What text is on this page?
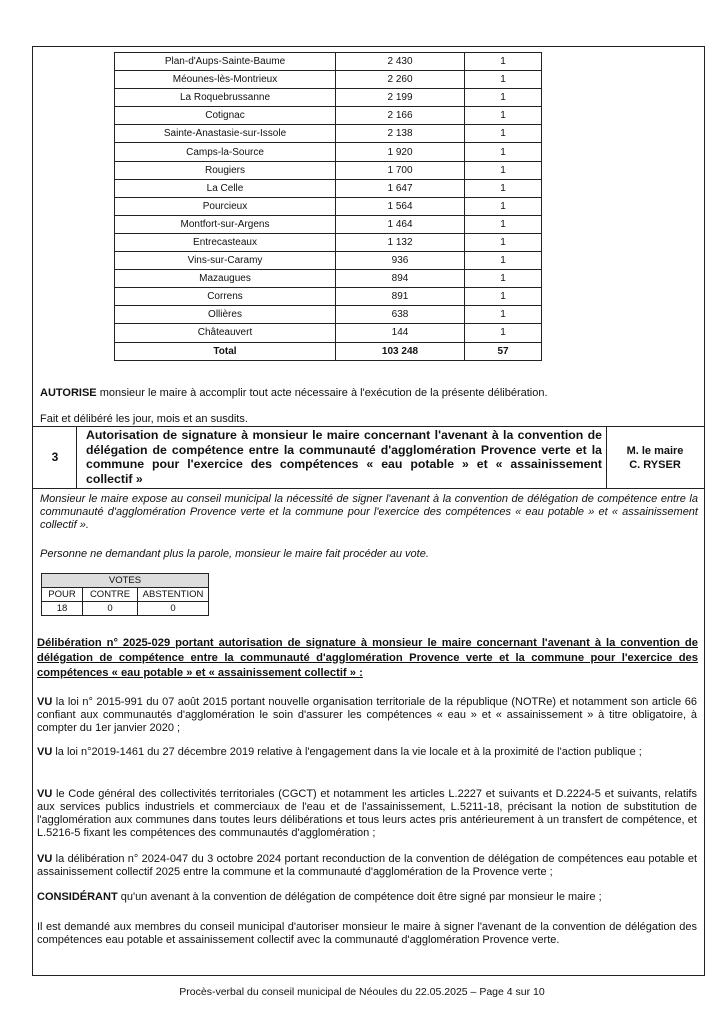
Plan-d'Aups-Sainte-Baume	2 430	1
Méounes-lès-Montrieux	2 260	1
La Roquebrussanne	2 199	1
Cotignac	2 166	1
Sainte-Anastasie-sur-Issole	2 138	1
Camps-la-Source	1 920	1
Rougiers	1 700	1
La Celle	1 647	1
Pourcieux	1 564	1
Montfort-sur-Argens	1 464	1
Entrecasteaux	1 132	1
Vins-sur-Caramy	936	1
Mazaugues	894	1
Correns	891	1
Ollières	638	1
Châteauvert	144	1
Total	103 248	57
AUTORISE monsieur le maire à accomplir tout acte nécessaire à l'exécution de la présente délibération.
Fait et délibéré les jour, mois et an susdits.
3
Autorisation de signature à monsieur le maire concernant l'avenant à la convention de délégation de compétence entre la communauté d'agglomération Provence verte et la commune pour l'exercice des compétences « eau potable » et « assainissement collectif »
M. le maire
C. RYSER
Monsieur le maire expose au conseil municipal la nécessité de signer l'avenant à la convention de délégation de compétence entre la communauté d'agglomération Provence verte et la commune pour l'exercice des compétences « eau potable » et « assainissement collectif ».
Personne ne demandant plus la parole, monsieur le maire fait procéder au vote.
VOTES		
POUR	CONTRE	ABSTENTION
18	0	0
Délibération n° 2025-029 portant autorisation de signature à monsieur le maire concernant l'avenant à la convention de délégation de compétence entre la communauté d'agglomération Provence verte et la commune pour l'exercice des compétences « eau potable » et « assainissement collectif » :
VU la loi n° 2015-991 du 07 août 2015 portant nouvelle organisation territoriale de la république (NOTRe) et notamment son article 66 confiant aux communautés d'agglomération le soin d'assurer les compétences « eau » et « assainissement » à titre obligatoire, à compter du 1er janvier 2020 ;
VU la loi n°2019-1461 du 27 décembre 2019 relative à l'engagement dans la vie locale et à la proximité de l'action publique ;
VU le Code général des collectivités territoriales (CGCT) et notamment les articles L.2227 et suivants et D.2224-5 et suivants, relatifs aux services publics industriels et commerciaux de l'eau et de l'assainissement, L.5211-18, précisant la notion de substitution de l'agglomération aux communes dans toutes leurs délibérations et tous leurs actes pris antérieurement à un transfert de compétence, et L.5216-5 fixant les compétences des communautés d'agglomération ;
VU la délibération n° 2024-047 du 3 octobre 2024 portant reconduction de la convention de délégation de compétences eau potable et assainissement collectif 2025 entre la commune et la communauté d'agglomération de la Provence verte ;
CONSIDÉRANT qu'un avenant à la convention de délégation de compétence doit être signé par monsieur le maire ;
Il est demandé aux membres du conseil municipal d'autoriser monsieur le maire à signer l'avenant de la convention de délégation des compétences eau potable et assainissement collectif avec la communauté d'agglomération Provence verte.
Procès-verbal du conseil municipal de Néoules du 22.05.2025 – Page 4 sur 10
